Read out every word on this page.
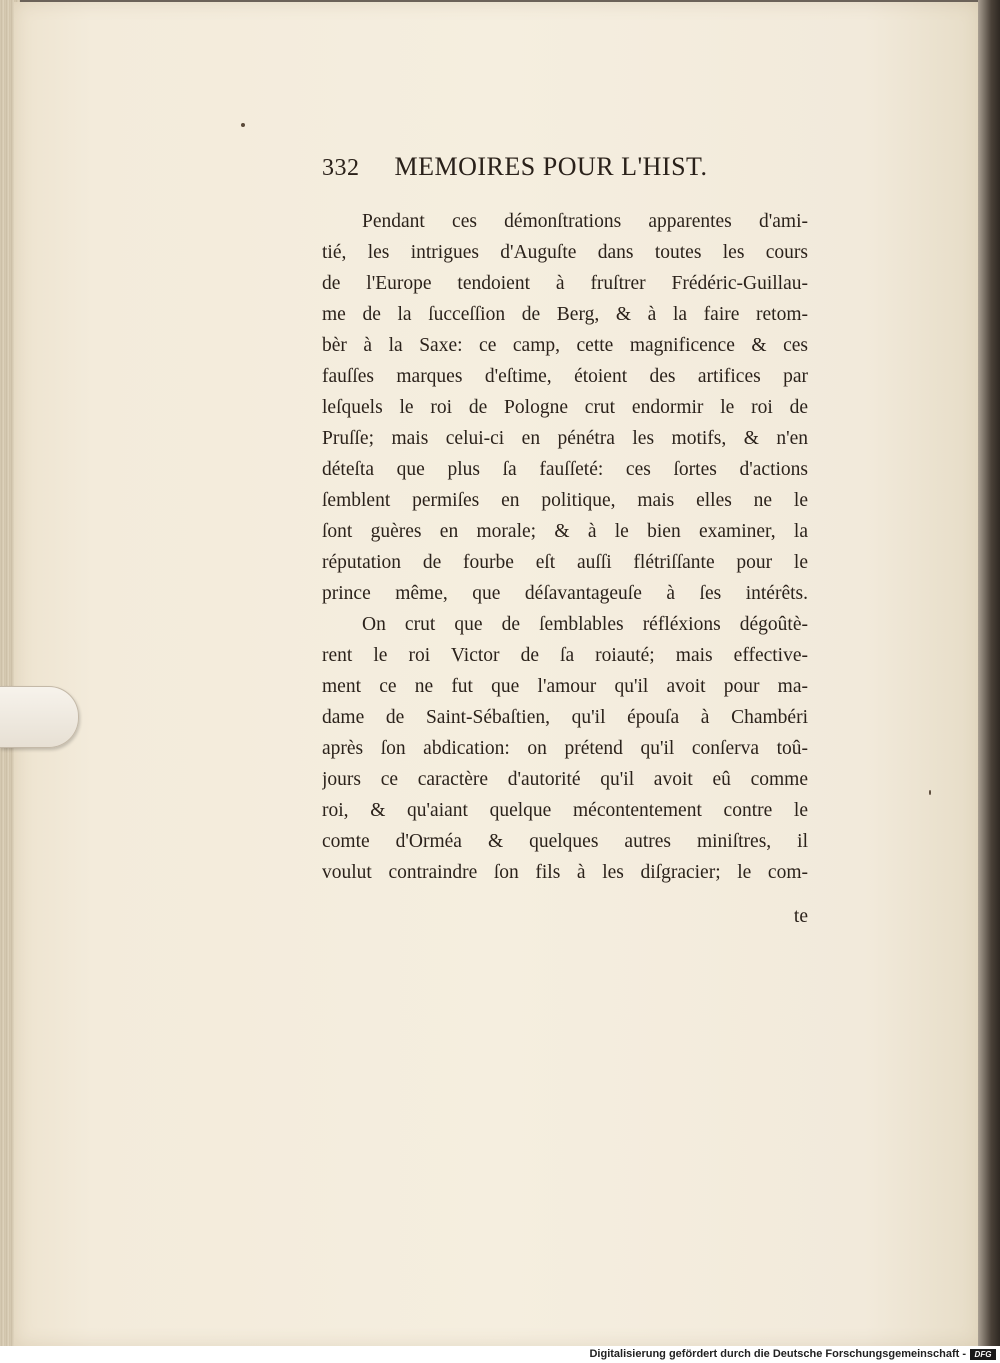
332 MEMOIRES POUR L'HIST.

Pendant ces démonſtrations apparentes d'ami-
tié, les intrigues d'Auguſte dans toutes les cours
de l'Europe tendoient à fruſtrer Frédéric-Guillau-
me de la ſucceſſion de Berg, & à la faire retom-
bèr à la Saxe: ce camp, cette magnificence & ces
fauſſes marques d'eſtime, étoient des artifices par
leſquels le roi de Pologne crut endormir le roi de
Pruſſe; mais celui-ci en pénétra les motifs, & n'en
déteſta que plus ſa fauſſeté: ces ſortes d'actions
ſemblent permiſes en politique, mais elles ne le
ſont guères en morale; & à le bien examiner, la
réputation de fourbe eſt auſſi flétriſſante pour le
prince même, que déſavantageuſe à ſes intérêts.

On crut que de ſemblables réfléxions dégoûtè-
rent le roi Victor de ſa roiauté; mais effective-
ment ce ne fut que l'amour qu'il avoit pour ma-
dame de Saint-Sébaſtien, qu'il épouſa à Chambéri
après ſon abdication: on prétend qu'il conſerva toû-
jours ce caractère d'autorité qu'il avoit eû comme
roi, & qu'aiant quelque mécontentement contre le
comte d'Orméa & quelques autres miniſtres, il
voulut contraindre ſon fils à les diſgracier; le com-

te
Digitalisierung gefördert durch die Deutsche Forschungsgemeinschaft -	DFG
